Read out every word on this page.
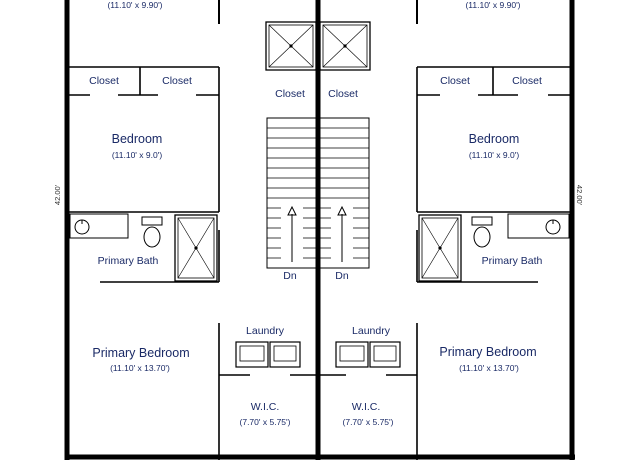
42.00'	42.00'
(11.10' x 9.90')
Closet	Closet
Closet
Bedroom
(11.10' x 9.0')
Primary Bath
Dn
Laundry
Primary Bedroom
(11.10' x 13.70')
W.I.C.
(7.70' x 5.75')
(11.10' x 9.90')
Closet	Closet
Closet
Bedroom
(11.10' x 9.0')
Primary Bath
Dn
Laundry
Primary Bedroom
(11.10' x 13.70')
W.I.C.
(7.70' x 5.75')
